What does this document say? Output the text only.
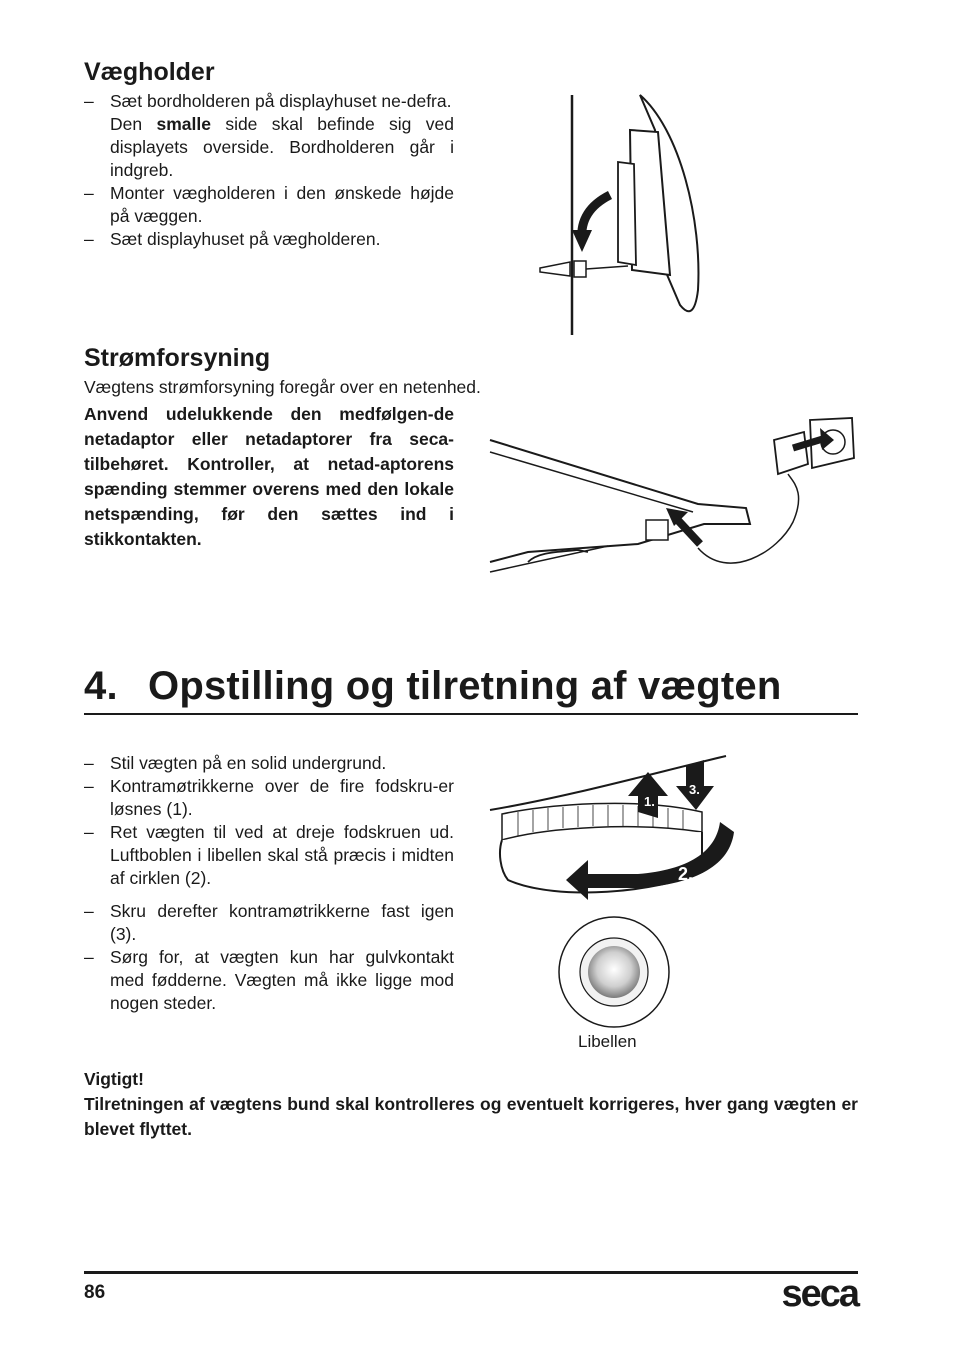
Vægholder
– Sæt bordholderen på displayhuset ne-defra.
Den smalle side skal befinde sig ved displayets overside. Bordholderen går i indgreb.
– Monter vægholderen i den ønskede højde på væggen.
– Sæt displayhuset på vægholderen.
Strømforsyning
Vægtens strømforsyning foregår over en netenhed.
Anvend udelukkende den medfølgen-de netadaptor eller netadaptorer fra seca-tilbehøret. Kontroller, at netad-aptorens spænding stemmer overens med den lokale netspænding, før den sættes ind i stikkontakten.
4. Opstilling og tilretning af vægten
– Stil vægten på en solid undergrund.
– Kontramøtrikkerne over de fire fodskru-er løsnes (1).
– Ret vægten til ved at dreje fodskruen ud. Luftboblen i libellen skal stå præcis i midten af cirklen (2).
– Skru derefter kontramøtrikkerne fast igen (3).
– Sørg for, at vægten kun har gulvkontakt med fødderne. Vægten må ikke ligge mod nogen steder.
1.
3.
2.
Libellen
Vigtigt!
Tilretningen af vægtens bund skal kontrolleres og eventuelt korrigeres, hver gang vægten er blevet flyttet.
86	seca
